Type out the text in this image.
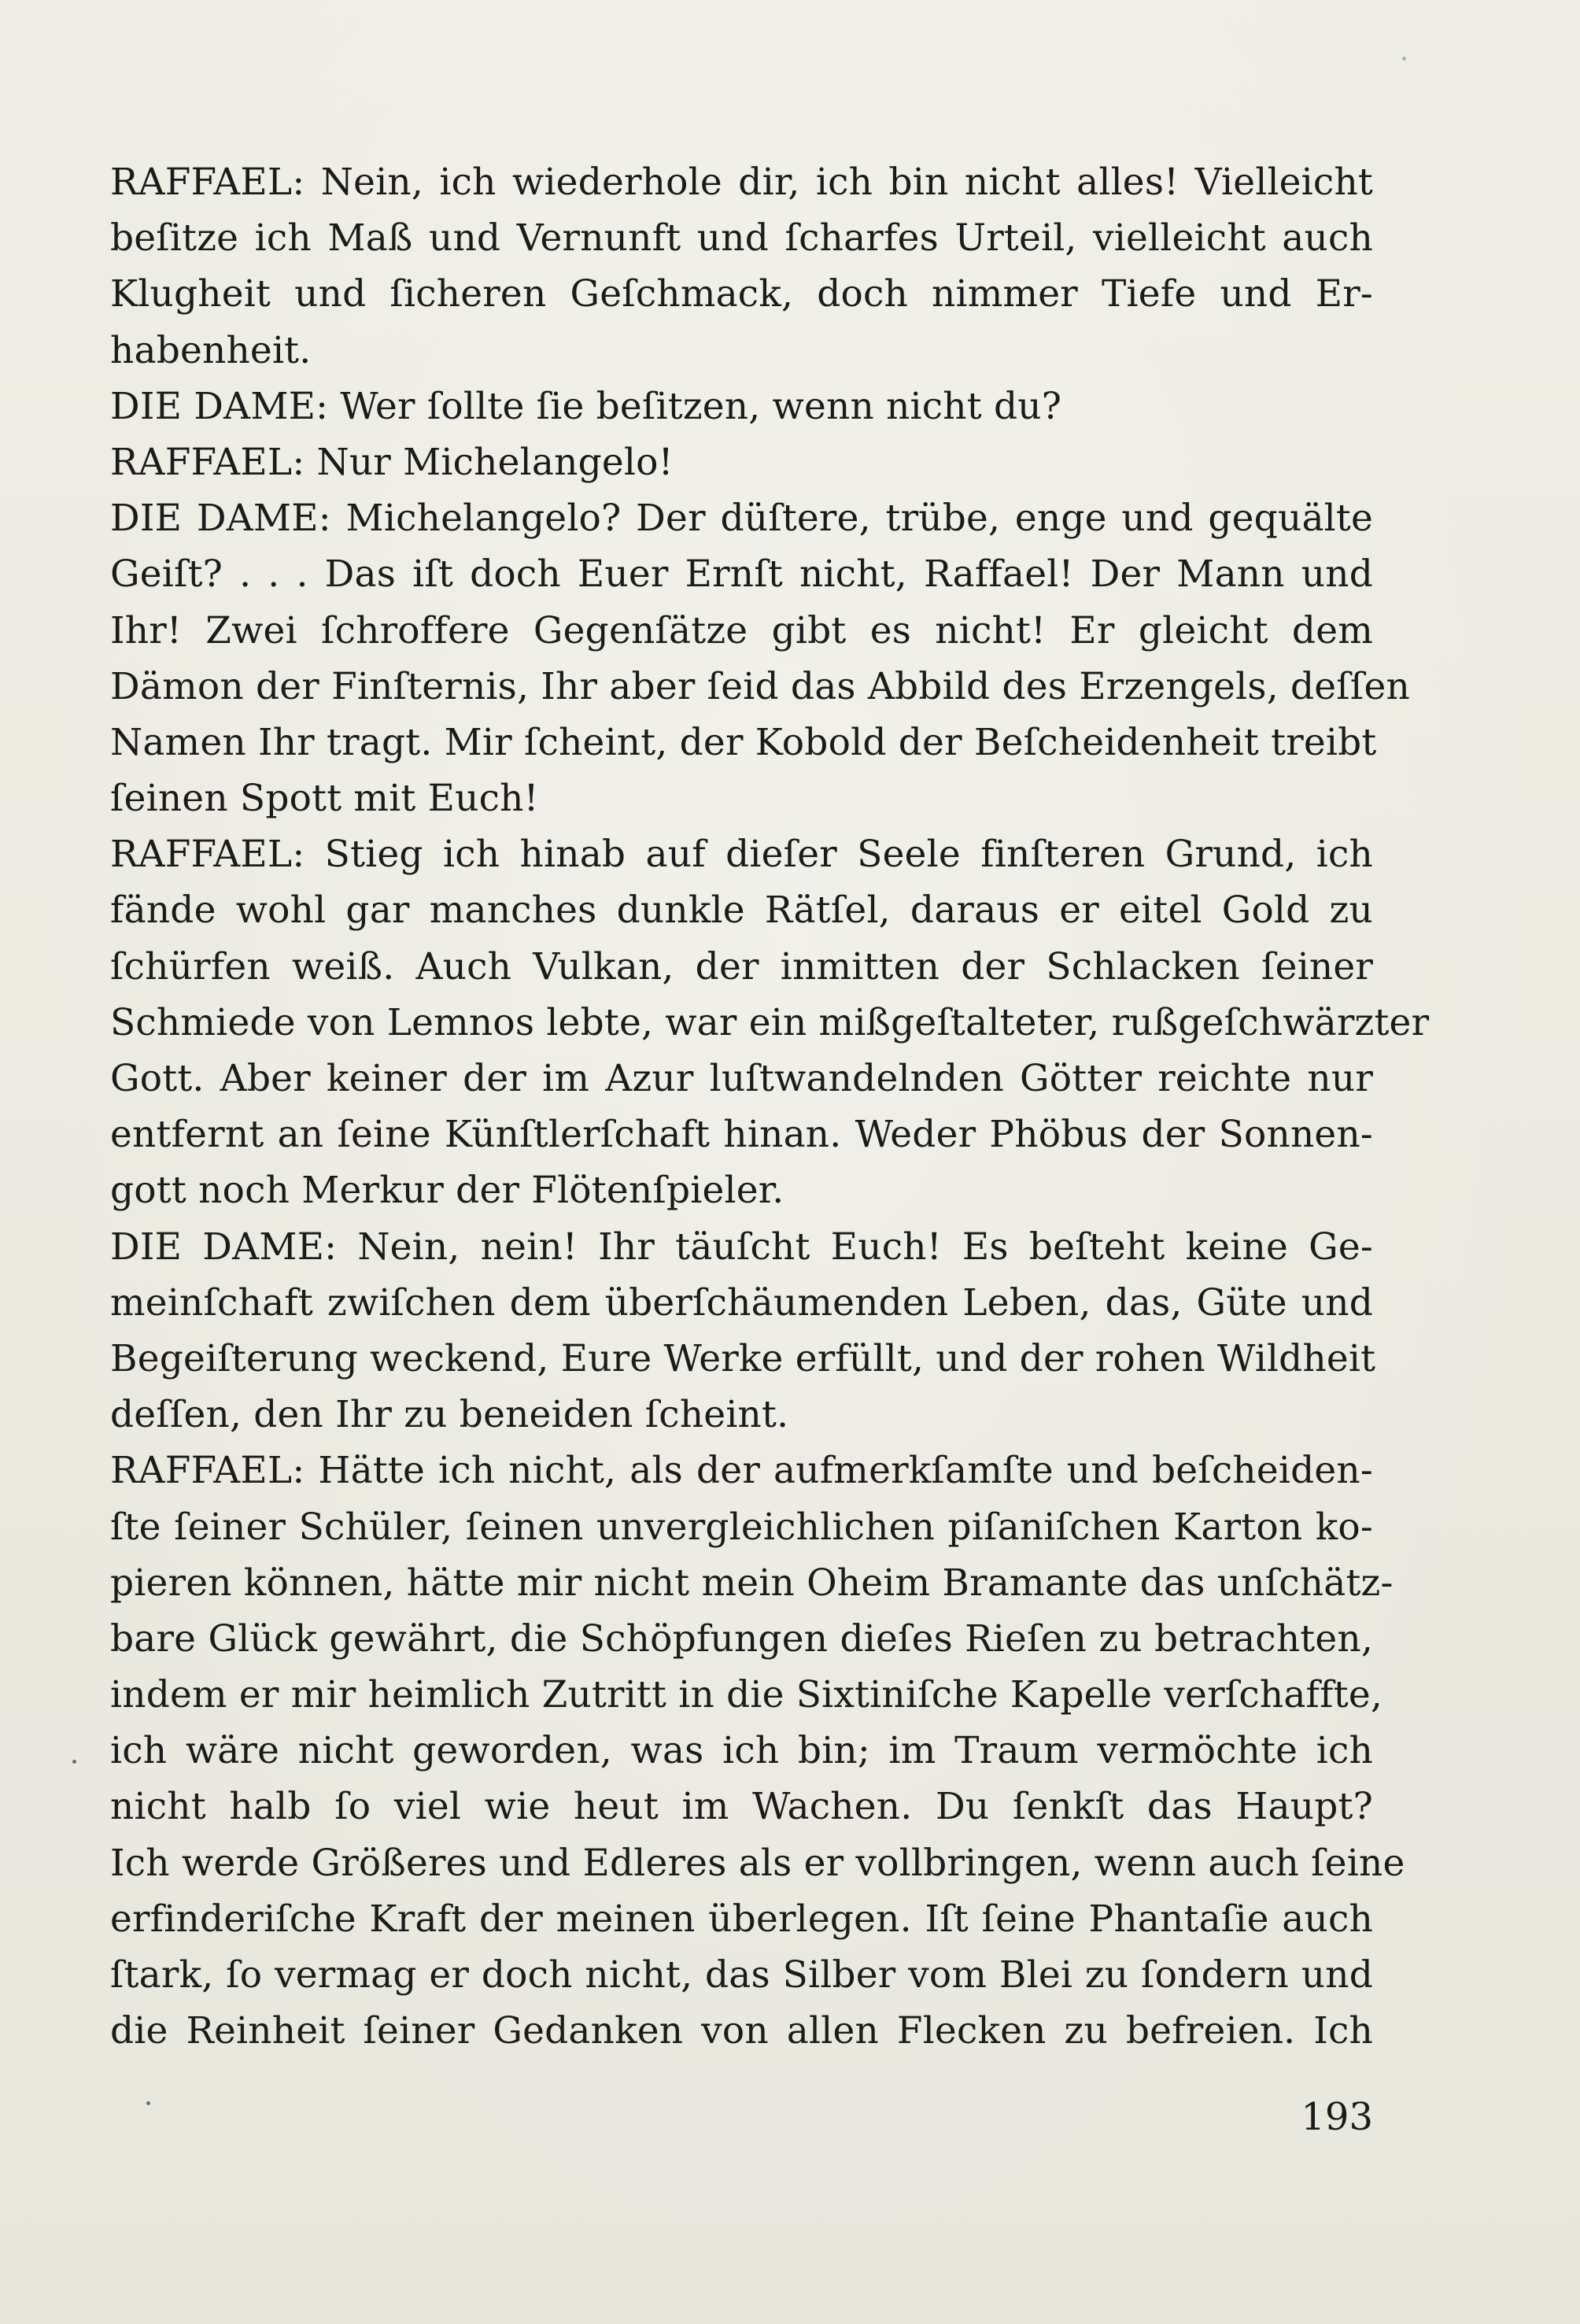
RAFFAEL: Nein, ich wiederhole dir, ich bin nicht alles! Vielleicht
beſitze ich Maß und Vernunft und ſcharfes Urteil, vielleicht auch
Klugheit und ſicheren Geſchmack, doch nimmer Tiefe und Er-
habenheit.
DIE DAME: Wer ſollte ſie beſitzen, wenn nicht du?
RAFFAEL: Nur Michelangelo!
DIE DAME: Michelangelo? Der düſtere, trübe, enge und gequälte
Geiſt? . . . Das iſt doch Euer Ernſt nicht, Raffael! Der Mann und
Ihr! Zwei ſchroffere Gegenſätze gibt es nicht! Er gleicht dem
Dämon der Finſternis, Ihr aber ſeid das Abbild des Erzengels, deſſen
Namen Ihr tragt. Mir ſcheint, der Kobold der Beſcheidenheit treibt
ſeinen Spott mit Euch!
RAFFAEL: Stieg ich hinab auf dieſer Seele finſteren Grund, ich
fände wohl gar manches dunkle Rätſel, daraus er eitel Gold zu
ſchürfen weiß. Auch Vulkan, der inmitten der Schlacken ſeiner
Schmiede von Lemnos lebte, war ein mißgeſtalteter, rußgeſchwärzter
Gott. Aber keiner der im Azur luſtwandelnden Götter reichte nur
entfernt an ſeine Künſtlerſchaft hinan. Weder Phöbus der Sonnen-
gott noch Merkur der Flötenſpieler.
DIE DAME: Nein, nein! Ihr täuſcht Euch! Es beſteht keine Ge-
meinſchaft zwiſchen dem überſchäumenden Leben, das, Güte und
Begeiſterung weckend, Eure Werke erfüllt, und der rohen Wildheit
deſſen, den Ihr zu beneiden ſcheint.
RAFFAEL: Hätte ich nicht, als der aufmerkſamſte und beſcheiden-
ſte ſeiner Schüler, ſeinen unvergleichlichen piſaniſchen Karton ko-
pieren können, hätte mir nicht mein Oheim Bramante das unſchätz-
bare Glück gewährt, die Schöpfungen dieſes Rieſen zu betrachten,
indem er mir heimlich Zutritt in die Sixtiniſche Kapelle verſchaffte,
ich wäre nicht geworden, was ich bin; im Traum vermöchte ich
nicht halb ſo viel wie heut im Wachen. Du ſenkſt das Haupt?
Ich werde Größeres und Edleres als er vollbringen, wenn auch ſeine
erfinderiſche Kraft der meinen überlegen. Iſt ſeine Phantaſie auch
ſtark, ſo vermag er doch nicht, das Silber vom Blei zu ſondern und
die Reinheit ſeiner Gedanken von allen Flecken zu befreien. Ich
193
